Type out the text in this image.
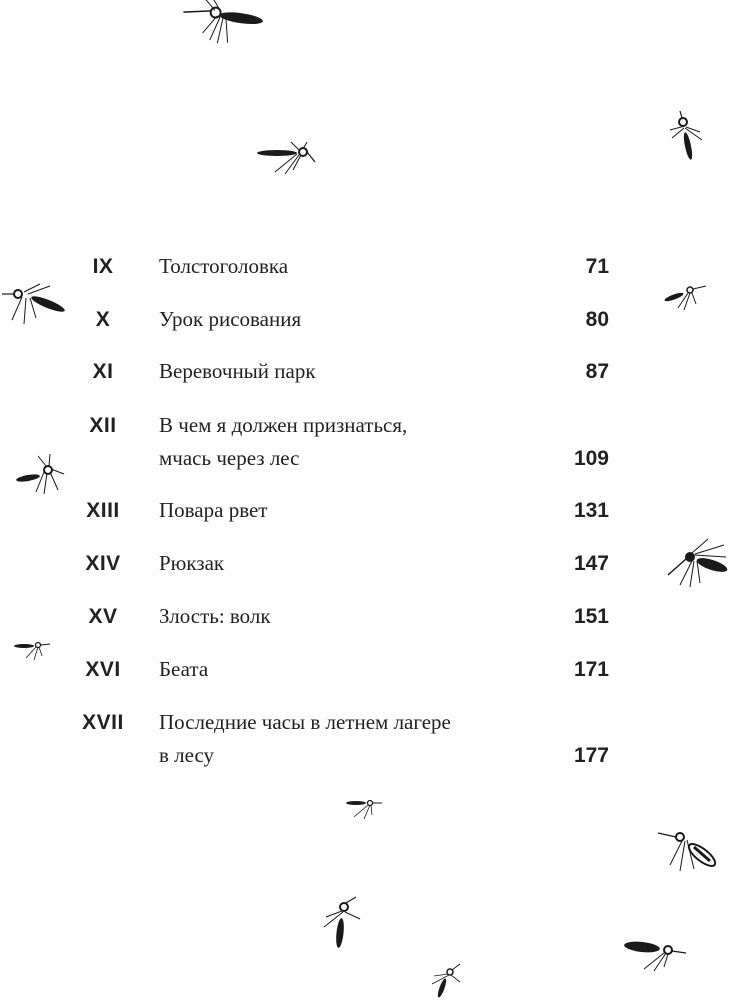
IX	Толстоголовка	71
X	Урок рисования	80
XI	Веревочный парк	87
XII	В чем я должен признаться,
мчась через лес	109
XIII	Повара рвет	131
XIV	Рюкзак	147
XV	Злость: волк	151
XVI	Беата	171
XVII	Последние часы в летнем лагере
в лесу	177
